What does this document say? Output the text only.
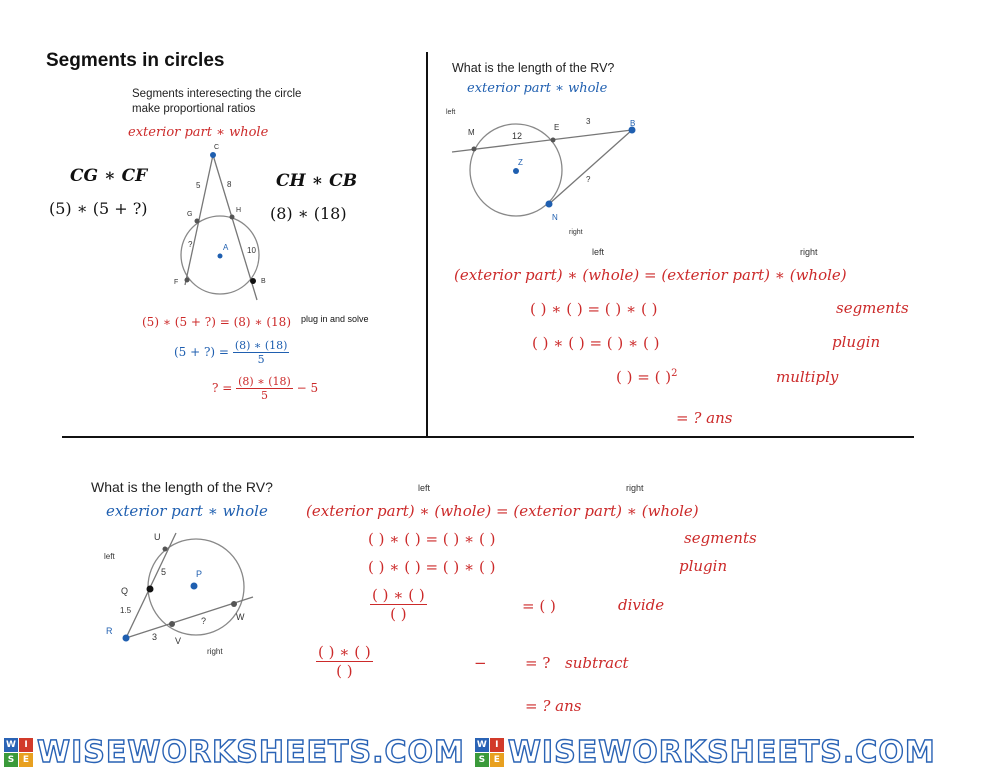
Segments in circles
Segments interesecting the circle
make proportional ratios
exterior part ∗ whole
CG ∗ CF
(5) ∗ (5 + ?)
CH ∗ CB
(8) ∗ (18)
C
5	8
G
H
?	A 10
F	B
plug in and solve
(5) ∗ (5 + ?) = (8) ∗ (18)
(5 + ?) = $\frac{(8) ∗ (18)}{5}$
? = $\frac{(8) ∗ (18)}{5} - 5$
What is the length of the RV?
exterior part ∗ whole
left
M	12
E
3	B
Z
?
N
right
left	right
(exterior part) ∗ (whole) = (exterior part) ∗ (whole)
( ) ∗ ( ) = ( ) ∗ ( )	segments
( ) ∗ ( ) = ( ) ∗ ( )	plugin
( ) = ( )$^2$	multiply
= ? ans
What is the length of the RV?
exterior part ∗ whole
left	right
left
U
5	P
Q
1.5
R
?	W
3 V
right
(exterior part) ∗ (whole) = (exterior part) ∗ (whole)
( ) ∗ ( ) = ( ) ∗ ( )	segments
( ) ∗ ( ) = ( ) ∗ ( )	plugin
$\frac{( ) ∗ ( )}{( )}$	= ( )	divide
$\frac{( ) ∗ ( )}{( )}$	−	= ? subtract
= ? ans
W I
S E WISEWORKSHEETS.COM W I
S E WISEWORKSHEETS.COM
